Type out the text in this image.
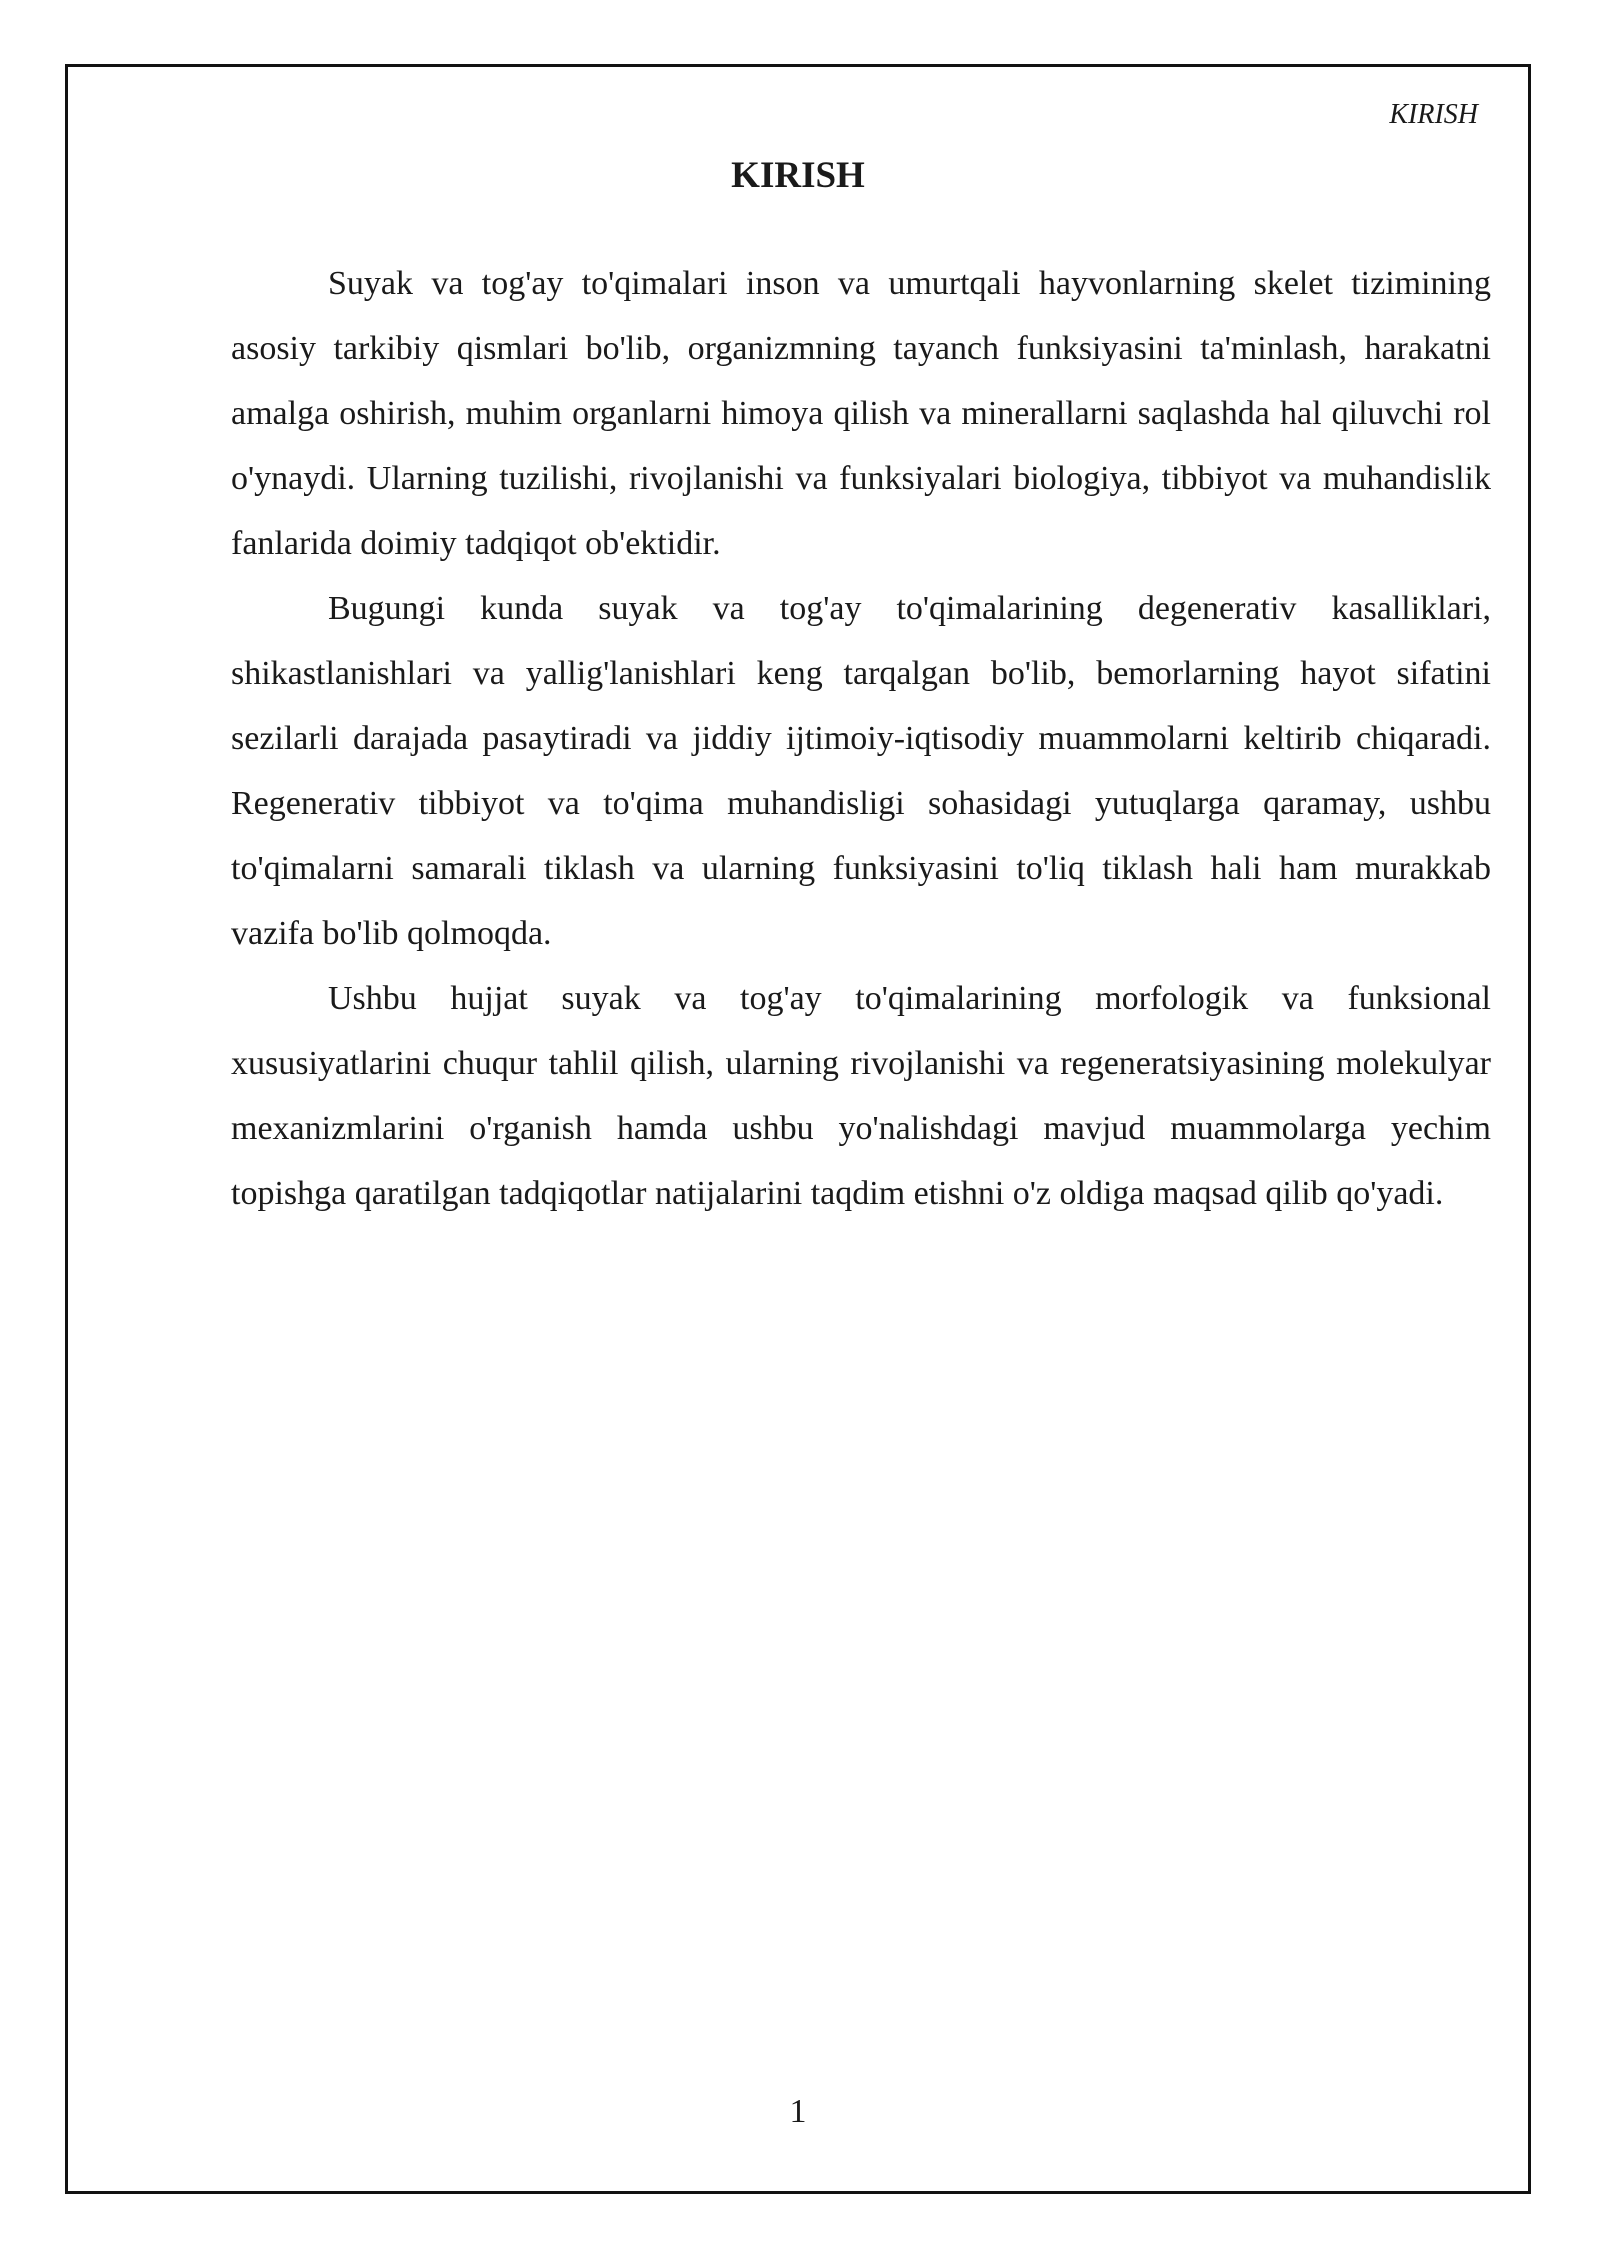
KIRISH
KIRISH

Suyak va tog'ay to'qimalari inson va umurtqali hayvonlarning skelet tizimining asosiy tarkibiy qismlari bo'lib, organizmning tayanch funksiyasini ta'minlash, harakatni amalga oshirish, muhim organlarni himoya qilish va minerallarni saqlashda hal qiluvchi rol o'ynaydi. Ularning tuzilishi, rivojlanishi va funksiyalari biologiya, tibbiyot va muhandislik fanlarida doimiy tadqiqot ob'ektidir.

Bugungi kunda suyak va tog'ay to'qimalarining degenerativ kasalliklari, shikastlanishlari va yallig'lanishlari keng tarqalgan bo'lib, bemorlarning hayot sifatini sezilarli darajada pasaytiradi va jiddiy ijtimoiy-iqtisodiy muammolarni keltirib chiqaradi. Regenerativ tibbiyot va to'qima muhandisligi sohasidagi yutuqlarga qaramay, ushbu to'qimalarni samarali tiklash va ularning funksiyasini to'liq tiklash hali ham murakkab vazifa bo'lib qolmoqda.

Ushbu hujjat suyak va tog'ay to'qimalarining morfologik va funksional xususiyatlarini chuqur tahlil qilish, ularning rivojlanishi va regeneratsiyasining molekulyar mexanizmlarini o'rganish hamda ushbu yo'nalishdagi mavjud muammolarga yechim topishga qaratilgan tadqiqotlar natijalarini taqdim etishni o'z oldiga maqsad qilib qo'yadi.

1
